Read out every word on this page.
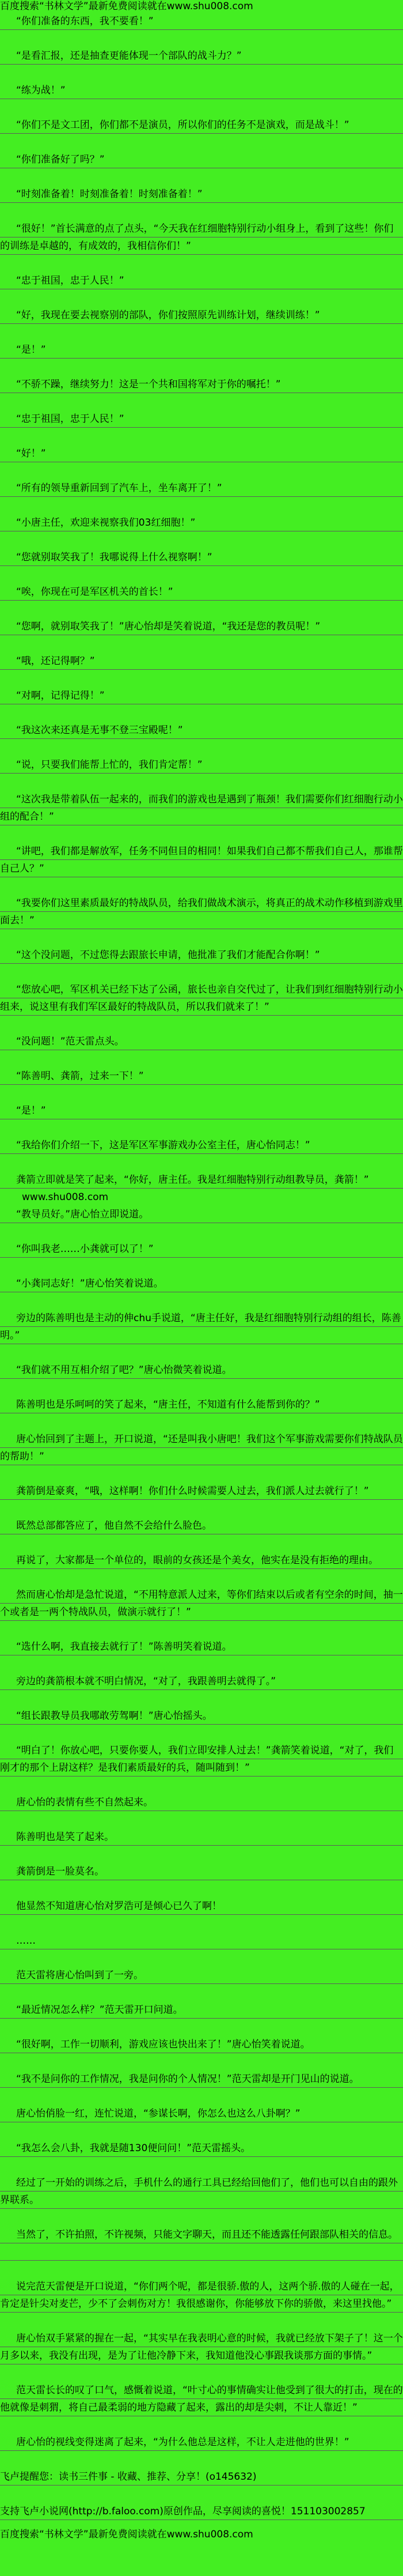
百度搜索“书林文学”最新免费阅读就在www.shu008.com
“你们准备的东西，我不要看！”
“是看汇报，还是抽查更能体现一个部队的战斗力？”
“练为战！”
“你们不是文工团，你们都不是演员，所以你们的任务不是演戏，而是战斗！”
“你们准备好了吗？”
“时刻准备着！时刻准备着！时刻准备着！”
“很好！”首长满意的点了点头，“今天我在红细胞特别行动小组身上，看到了这些！你们的训练是卓越的，有成效的，我相信你们！”
“忠于祖国，忠于人民！”
“好，我现在要去视察别的部队，你们按照原先训练计划，继续训练！”
“是！”
“不骄不躁，继续努力！这是一个共和国将军对于你的嘱托！”
“忠于祖国，忠于人民！”
“好！”
“所有的领导重新回到了汽车上，坐车离开了！”
“小唐主任，欢迎来视察我们03红细胞！”
“您就别取笑我了！我哪说得上什么视察啊！”
“唉，你现在可是军区机关的首长！”
“您啊，就别取笑我了！”唐心怡却是笑着说道，“我还是您的教员呢！”
“哦，还记得啊？”
“对啊，记得记得！”
“我这次来还真是无事不登三宝殿呢！”
“说，只要我们能帮上忙的，我们肯定帮！”
“这次我是带着队伍一起来的，而我们的游戏也是遇到了瓶颈！我们需要你们红细胞行动小组的配合！”
“讲吧，我们都是解放军，任务不同但目的相同！如果我们自己都不帮我们自己人，那谁帮自己人？”
“我要你们这里素质最好的特战队员，给我们做战术演示，将真正的战术动作移植到游戏里面去！”
“这个没问题，不过您得去跟旅长申请，他批准了我们才能配合你啊！”
“您放心吧，军区机关已经下达了公函，旅长也亲自交代过了，让我们到红细胞特别行动小组来，说这里有我们军区最好的特战队员，所以我们就来了！”
“没问题！”范天雷点头。
“陈善明、龚箭，过来一下！”
“是！”
“我给你们介绍一下，这是军区军事游戏办公室主任，唐心怡同志！”
龚箭立即就是笑了起来，“你好，唐主任。我是红细胞特别行动组教导员，龚箭！”
www.shu008.com
“教导员好。”唐心怡立即说道。
“你叫我老……小龚就可以了！”
“小龚同志好！”唐心怡笑着说道。
旁边的陈善明也是主动的伸chu手说道，“唐主任好，我是红细胞特别行动组的组长，陈善明。”
“我们就不用互相介绍了吧？”唐心怡微笑着说道。
陈善明也是乐呵呵的笑了起来，“唐主任，不知道有什么能帮到你的？”
唐心怡回到了主题上，开口说道，“还是叫我小唐吧！我们这个军事游戏需要你们特战队员的帮助！”
龚箭倒是豪爽，“哦，这样啊！你们什么时候需要人过去，我们派人过去就行了！”
既然总部都答应了，他自然不会给什么脸色。
再说了，大家都是一个单位的，眼前的女孩还是个美女，他实在是没有拒绝的理由。
然而唐心怡却是急忙说道，“不用特意派人过来，等你们结束以后或者有空余的时间，抽一个或者是一两个特战队员，做演示就行了！”
“选什么啊，我直接去就行了！”陈善明笑着说道。
旁边的龚箭根本就不明白情况，“对了，我跟善明去就得了。”
“组长跟教导员我哪敢劳驾啊！”唐心怡摇头。
“明白了！你放心吧，只要你要人，我们立即安排人过去！”龚箭笑着说道，“对了，我们刚才的那个上尉这样？是我们素质最好的兵，随叫随到！”
唐心怡的表情有些不自然起来。
陈善明也是笑了起来。
龚箭倒是一脸莫名。
他显然不知道唐心怡对罗浩可是倾心已久了啊！
……
范天雷将唐心怡叫到了一旁。
“最近情况怎么样？”范天雷开口问道。
“很好啊，工作一切顺利，游戏应该也快出来了！”唐心怡笑着说道。
“我不是问你的工作情况，我是问你的个人情况！”范天雷却是开门见山的说道。
唐心怡俏脸一红，连忙说道，“参谋长啊，你怎么也这么八卦啊？”
“我怎么会八卦，我就是随130便问问！”范天雷摇头。
经过了一开始的训练之后，手机什么的通行工具已经给回他们了，他们也可以自由的跟外界联系。
当然了，不许拍照，不许视频，只能文字聊天，而且还不能透露任何跟部队相关的信息。
说完范天雷便是开口说道，“你们两个呢，都是很骄.傲的人，这两个骄.傲的人碰在一起，肯定是针尖对麦芒，少不了会刺伤对方！我很感谢你，你能够放下你的骄傲，来这里找他。”
唐心怡双手紧紧的握在一起，“其实早在我表明心意的时候，我就已经放下架子了！这一个月多以来，我没有出现，是为了让他冷静下来，我知道他没心事跟我谈那方面的事情。”
范天雷长长的叹了口气，感慨着说道，“叶寸心的事情确实让他受到了很大的打击，现在的他就像是刺猬，将自己最柔弱的地方隐藏了起来，露出的却是尖刺，不让人靠近！”
唐心怡的视线变得迷离了起来，“为什么他总是这样，不让人走进他的世界！”
飞卢提醒您：读书三件事 - 收藏、推荐、分享！(o145632)
支持飞卢小说网(http://b.faloo.com)原创作品，尽享阅读的喜悦！151103002857
百度搜索“书林文学”最新免费阅读就在www.shu008.com
